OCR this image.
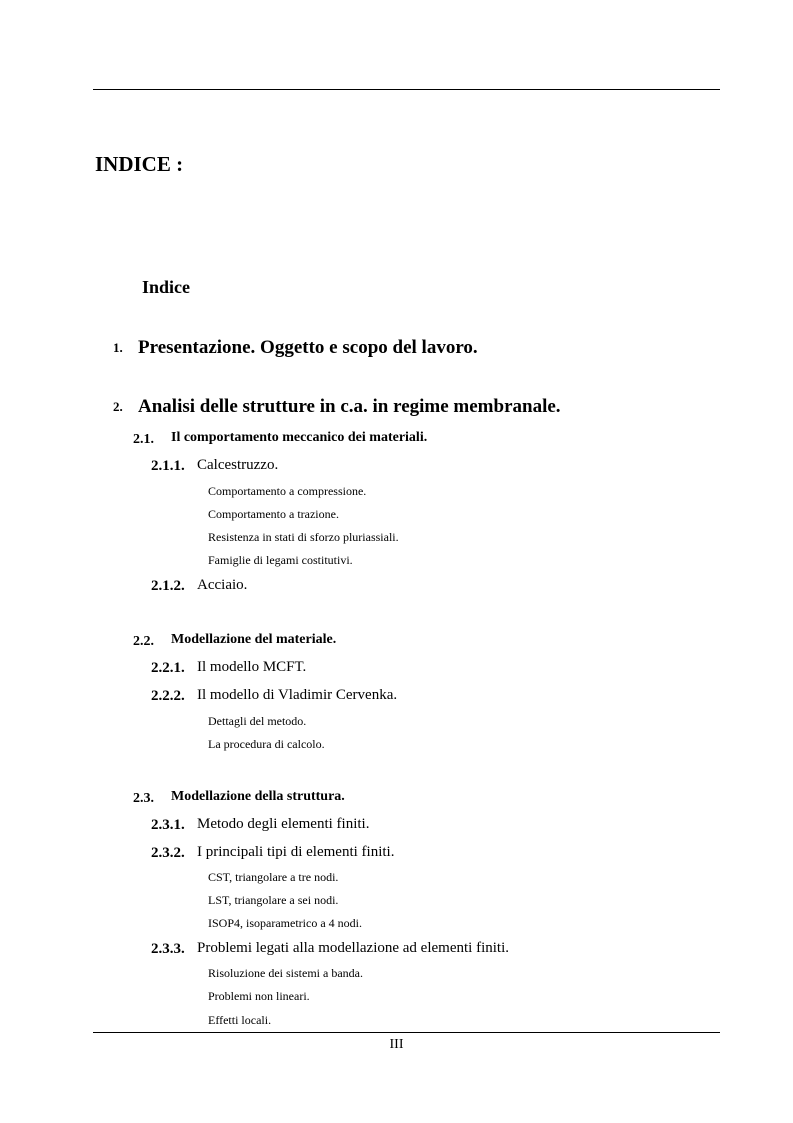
INDICE :
Indice
1. Presentazione. Oggetto e scopo del lavoro.
2. Analisi delle strutture in c.a. in regime membranale.
2.1. Il comportamento meccanico dei materiali.
2.1.1. Calcestruzzo.
Comportamento a compressione.
Comportamento a trazione.
Resistenza in stati di sforzo pluriassiali.
Famiglie di legami costitutivi.
2.1.2. Acciaio.
2.2. Modellazione del materiale.
2.2.1. Il modello MCFT.
2.2.2. Il modello di Vladimir Cervenka.
Dettagli del metodo.
La procedura di calcolo.
2.3. Modellazione della struttura.
2.3.1. Metodo degli elementi finiti.
2.3.2. I principali tipi di elementi finiti.
CST, triangolare a tre nodi.
LST, triangolare a sei nodi.
ISOP4, isoparametrico a 4 nodi.
2.3.3. Problemi legati alla modellazione ad elementi finiti.
Risoluzione dei sistemi a banda.
Problemi non lineari.
Effetti locali.
III
